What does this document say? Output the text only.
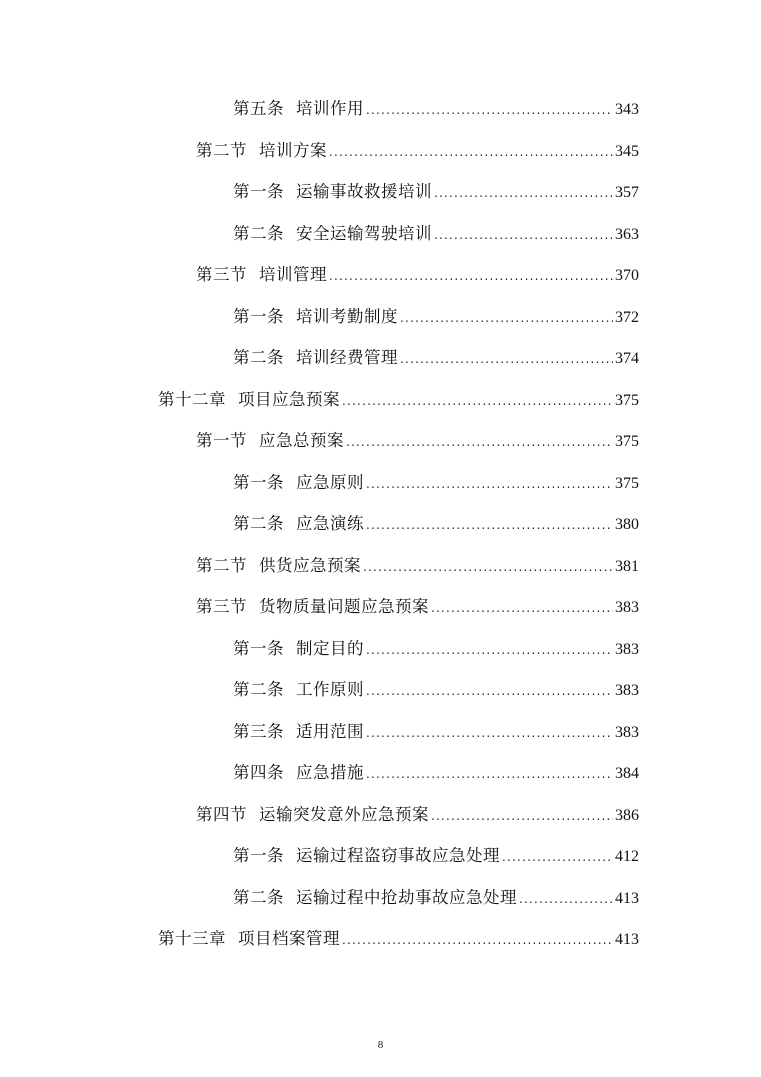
第五条 培训作用 .....	343
第二节 培训方案 .....	345
第一条 运输事故救援培训 .....	357
第二条 安全运输驾驶培训 .....	363
第三节 培训管理 .....	370
第一条 培训考勤制度 .....	372
第二条 培训经费管理 .....	374
第十二章 项目应急预案 .....	375
第一节 应急总预案 .....	375
第一条 应急原则 .....	375
第二条 应急演练 .....	380
第二节 供货应急预案 .....	381
第三节 货物质量问题应急预案 .....	383
第一条 制定目的 .....	383
第二条 工作原则 .....	383
第三条 适用范围 .....	383
第四条 应急措施 .....	384
第四节 运输突发意外应急预案 .....	386
第一条 运输过程盗窃事故应急处理 .....	412
第二条 运输过程中抢劫事故应急处理 .....	413
第十三章 项目档案管理 .....	413
8
